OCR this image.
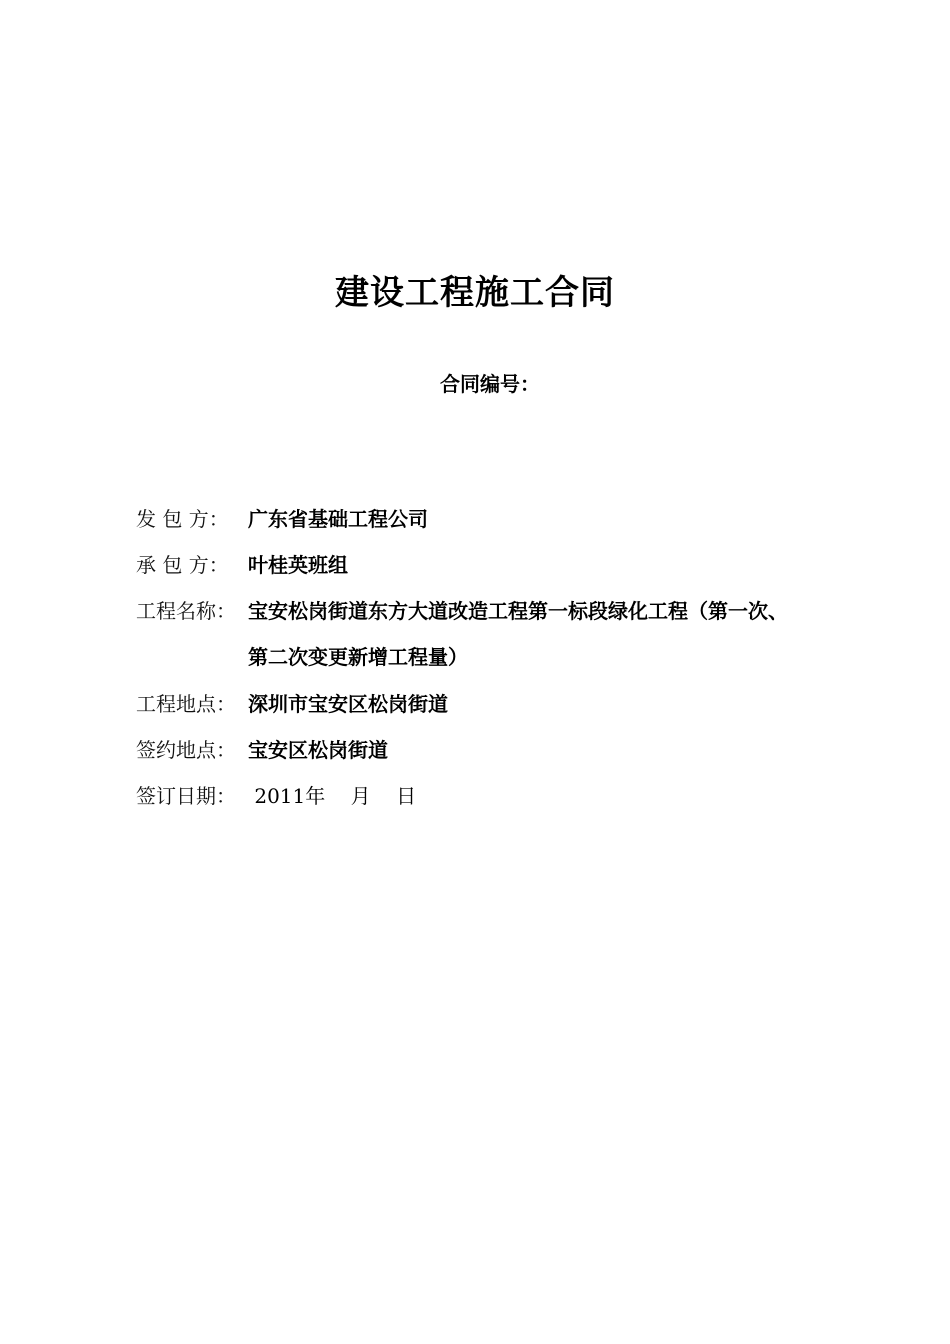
建设工程施工合同
合同编号：
发 包 方： 广东省基础工程公司
承 包 方： 叶桂英班组
工程名称： 宝安松岗街道东方大道改造工程第一标段绿化工程（第一次、
第二次变更新增工程量）
工程地点： 深圳市宝安区松岗街道
签约地点： 宝安区松岗街道
签订日期： 2011年    月    日
